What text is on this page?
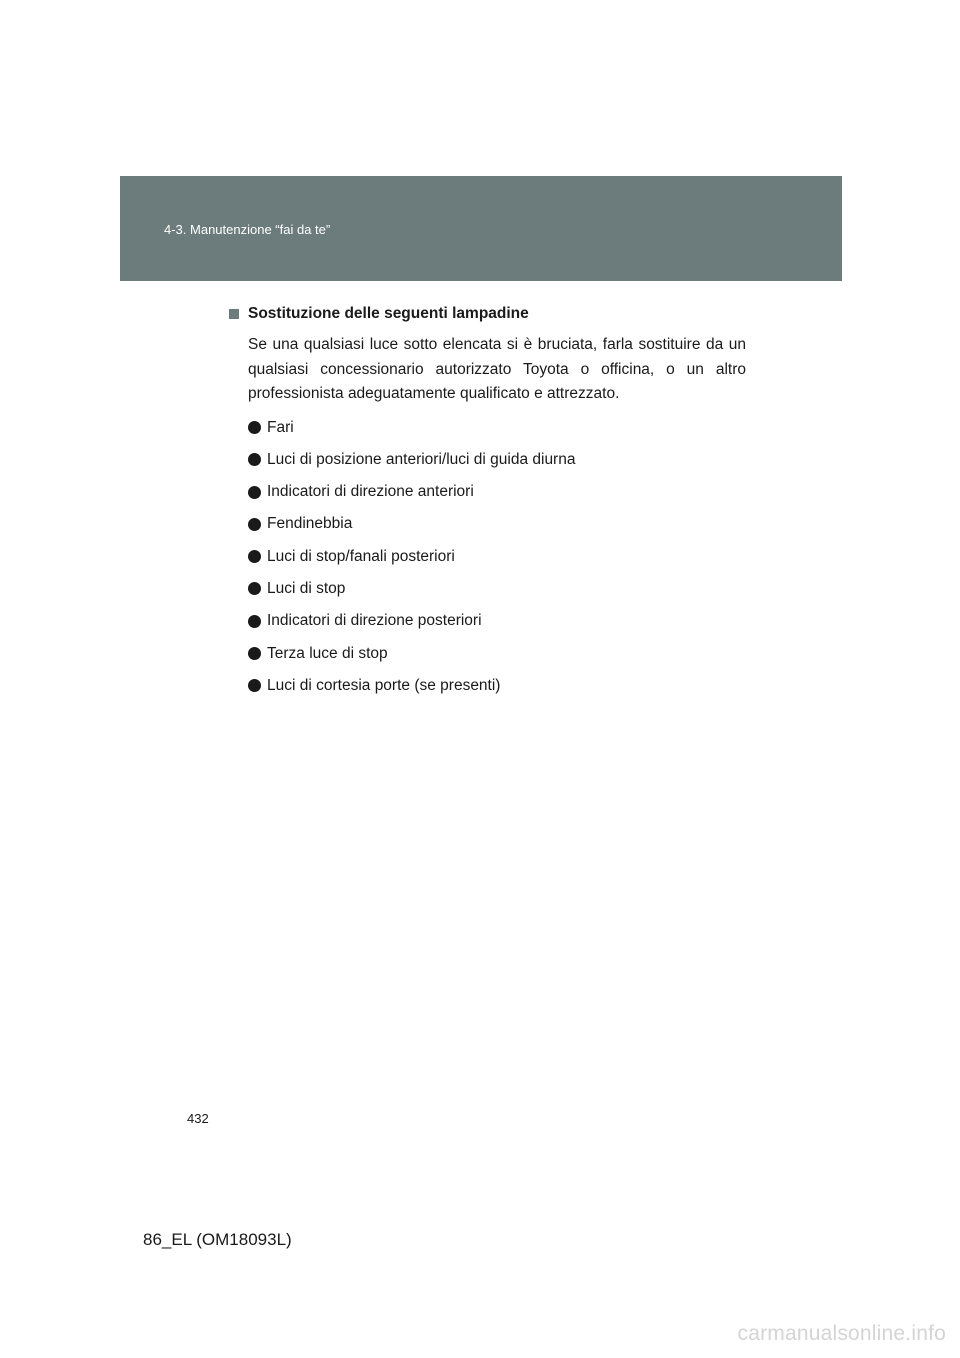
4-3. Manutenzione “fai da te”
Sostituzione delle seguenti lampadine

Se una qualsiasi luce sotto elencata si è bruciata, farla sostituire da un qualsiasi concessionario autorizzato Toyota o officina, o un altro professionista adeguatamente qualificato e attrezzato.

Fari
Luci di posizione anteriori/luci di guida diurna
Indicatori di direzione anteriori
Fendinebbia
Luci di stop/fanali posteriori
Luci di stop
Indicatori di direzione posteriori
Terza luce di stop
Luci di cortesia porte (se presenti)
432
86_EL (OM18093L)
carmanualsonline.info
